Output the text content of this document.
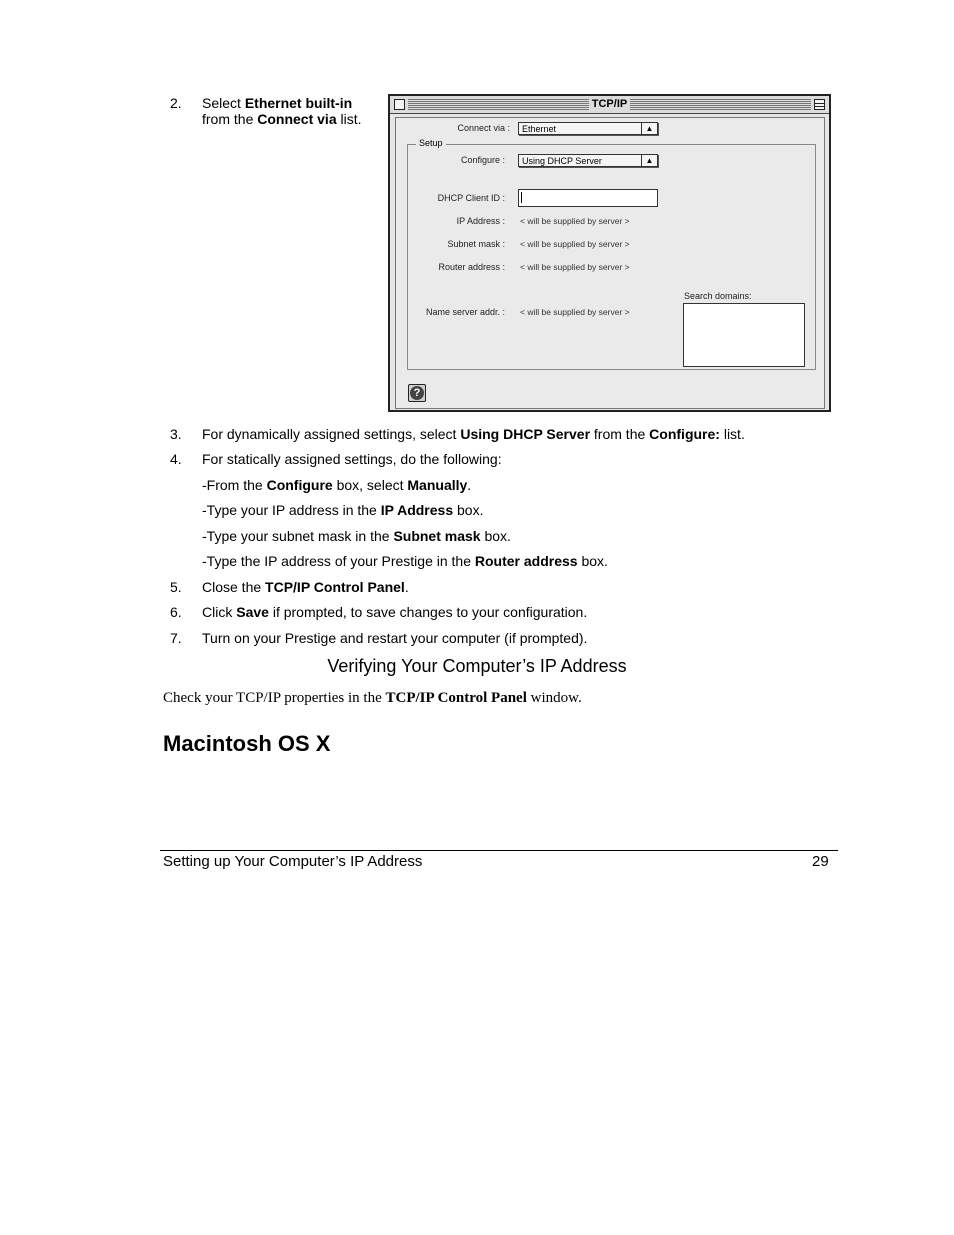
2.	Select Ethernet built-in
from the Connect via list.
TCP/IP
Connect via :	Ethernet	▲

Setup
Configure :	Using DHCP Server	▲
DHCP Client ID :
IP Address : < will be supplied by server >
Subnet mask : < will be supplied by server >
Router address : < will be supplied by server >
Search domains:
Name server addr. : < will be supplied by server >
?
3.	For dynamically assigned settings, select Using DHCP Server from the Configure: list.
4.	For statically assigned settings, do the following:
-From the Configure box, select Manually.
-Type your IP address in the IP Address box.
-Type your subnet mask in the Subnet mask box.
-Type the IP address of your Prestige in the Router address box.
5.	Close the TCP/IP Control Panel.
6.	Click Save if prompted, to save changes to your configuration.
7.	Turn on your Prestige and restart your computer (if prompted).
Verifying Your Computer’s IP Address
Check your TCP/IP properties in the TCP/IP Control Panel window.
Macintosh OS X
Setting up Your Computer’s IP Address	29
